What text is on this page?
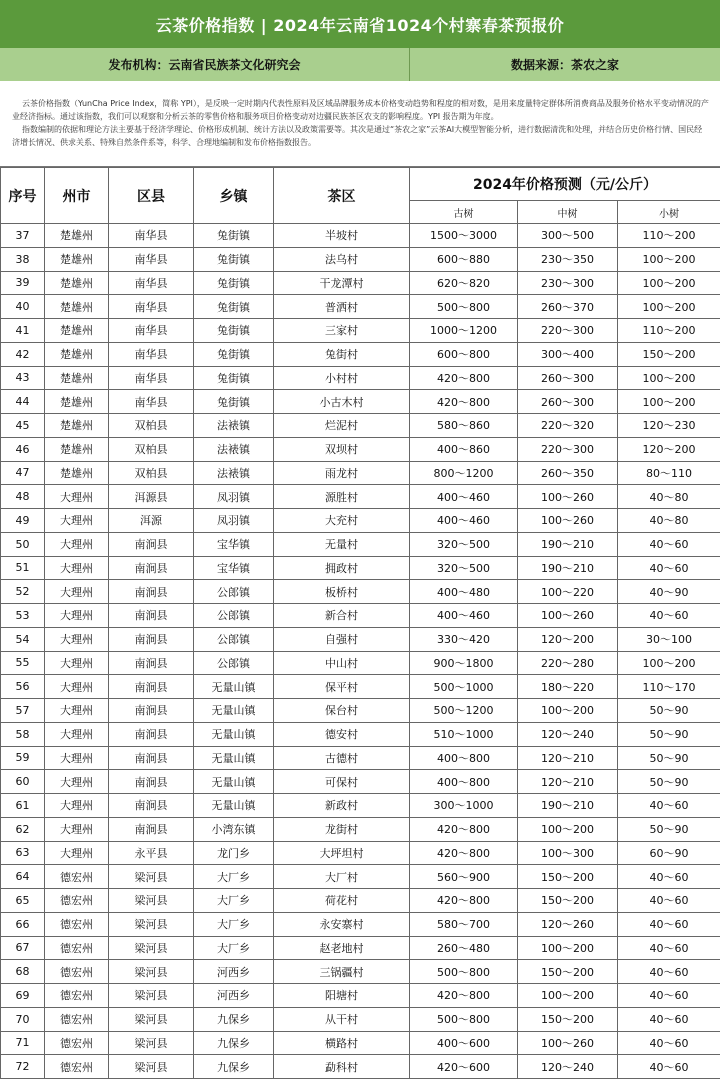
云茶价格指数 | 2024年云南省1024个村寨春茶预报价
发布机构：云南省民族茶文化研究会	数据来源：茶农之家

云茶价格指数（YunCha Price Index，简称 YPI），是反映一定时期内代表性原料及区域品牌服务成本价格变动趋势和程度的相对数，是用来度量特定群体所消费商品及服务价格水平变动情况的产业经济指标。通过该指数，我们可以观察和分析云茶的零售价格和服务项目价格变动对边疆民族茶区农支的影响程度。YPI 报告期为年度。

指数编制的依据和理论方法主要基于经济学理论、价格形成机制、统计方法以及政策需要等。其次是通过“茶农之家”云茶AI大模型智能分析，进行数据清洗和处理，并结合历史价格行情、国民经济增长情况、供求关系、特殊自然条件系等，科学、合理地编制和发布价格指数报告。

序号	州市	区县	乡镇	茶区	2024年价格预测（元/公斤）		
					古树	中树	小树
37	楚雄州	南华县	兔街镇	半坡村	1500～3000	300～500	110～200
38	楚雄州	南华县	兔街镇	法乌村	600～880	230～350	100～200
39	楚雄州	南华县	兔街镇	干龙潭村	620～820	230～300	100～200
40	楚雄州	南华县	兔街镇	普洒村	500～800	260～370	100～200
41	楚雄州	南华县	兔街镇	三家村	1000～1200	220～300	110～200
42	楚雄州	南华县	兔街镇	兔街村	600～800	300～400	150～200
43	楚雄州	南华县	兔街镇	小村村	420～800	260～300	100～200
44	楚雄州	南华县	兔街镇	小古木村	420～800	260～300	100～200
45	楚雄州	双柏县	法裱镇	烂泥村	580～860	220～320	120～230
46	楚雄州	双柏县	法裱镇	双坝村	400～860	220～300	120～200
47	楚雄州	双柏县	法裱镇	雨龙村	800～1200	260～350	80～110
48	大理州	洱源县	凤羽镇	源胜村	400～460	100～260	40～80
49	大理州	洱源	凤羽镇	大充村	400～460	100～260	40～80
50	大理州	南涧县	宝华镇	无量村	320～500	190～210	40～60
51	大理州	南涧县	宝华镇	拥政村	320～500	190～210	40～60
52	大理州	南涧县	公郎镇	板桥村	400～480	100～220	40～90
53	大理州	南涧县	公郎镇	新合村	400～460	100～260	40～60
54	大理州	南涧县	公郎镇	自强村	330～420	120～200	30～100
55	大理州	南涧县	公郎镇	中山村	900～1800	220～280	100～200
56	大理州	南涧县	无量山镇	保平村	500～1000	180～220	110～170
57	大理州	南涧县	无量山镇	保台村	500～1200	100～200	50～90
58	大理州	南涧县	无量山镇	德安村	510～1000	120～240	50～90
59	大理州	南涧县	无量山镇	古德村	400～800	120～210	50～90
60	大理州	南涧县	无量山镇	可保村	400～800	120～210	50～90
61	大理州	南涧县	无量山镇	新政村	300～1000	190～210	40～60
62	大理州	南涧县	小湾东镇	龙街村	420～800	100～200	50～90
63	大理州	永平县	龙门乡	大坪坦村	420～800	100～300	60～90
64	德宏州	梁河县	大厂乡	大厂村	560～900	150～200	40～60
65	德宏州	梁河县	大厂乡	荷花村	420～800	150～200	40～60
66	德宏州	梁河县	大厂乡	永安寨村	580～700	120～260	40～60
67	德宏州	梁河县	大厂乡	赵老地村	260～480	100～200	40～60
68	德宏州	梁河县	河西乡	三锅疆村	500～800	150～200	40～60
69	德宏州	梁河县	河西乡	阳塘村	420～800	100～200	40～60
70	德宏州	梁河县	九保乡	从干村	500～800	150～200	40～60
71	德宏州	梁河县	九保乡	横路村	400～600	100～260	40～60
72	德宏州	梁河县	九保乡	勐科村	420～600	120～240	40～60
